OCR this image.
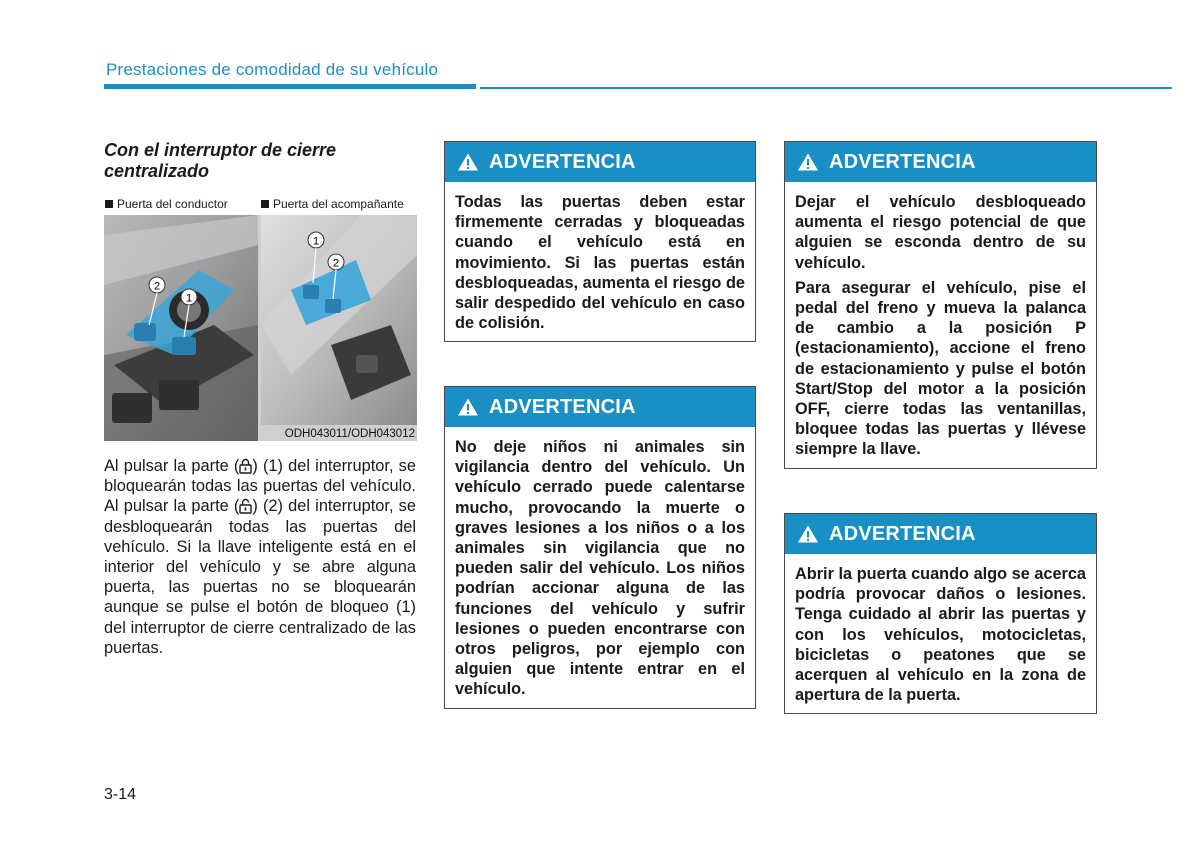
Prestaciones de comodidad de su vehículo
Con el interruptor de cierre centralizado
Puerta del conductor	Puerta del acompañante
2
1
1
2
ODH043011/ODH043012
Al pulsar la parte ( ) (1) del interruptor, se bloquearán todas las puertas del vehículo. Al pulsar la parte ( ) (2) del interruptor, se desbloquearán todas las puertas del vehículo. Si la llave inteligente está en el interior del vehículo y se abre alguna puerta, las puertas no se bloquearán aunque se pulse el botón de bloqueo (1) del interruptor de cierre centralizado de las puertas.
ADVERTENCIA

Todas las puertas deben estar firmemente cerradas y bloqueadas cuando el vehículo está en movimiento. Si las puertas están desbloqueadas, aumenta el riesgo de salir despedido del vehículo en caso de colisión.

ADVERTENCIA

No deje niños ni animales sin vigilancia dentro del vehículo. Un vehículo cerrado puede calentarse mucho, provocando la muerte o graves lesiones a los niños o a los animales sin vigilancia que no pueden salir del vehículo. Los niños podrían accionar alguna de las funciones del vehículo y sufrir lesiones o pueden encontrarse con otros peligros, por ejemplo con alguien que intente entrar en el vehículo.

ADVERTENCIA

Dejar el vehículo desbloqueado aumenta el riesgo potencial de que alguien se esconda dentro de su vehículo.

Para asegurar el vehículo, pise el pedal del freno y mueva la palanca de cambio a la posición P (estacionamiento), accione el freno de estacionamiento y pulse el botón Start/Stop del motor a la posición OFF, cierre todas las ventanillas, bloquee todas las puertas y llévese siempre la llave.

ADVERTENCIA

Abrir la puerta cuando algo se acerca podría provocar daños o lesiones. Tenga cuidado al abrir las puertas y con los vehículos, motocicletas, bicicletas o peatones que se acerquen al vehículo en la zona de apertura de la puerta.

3-14
